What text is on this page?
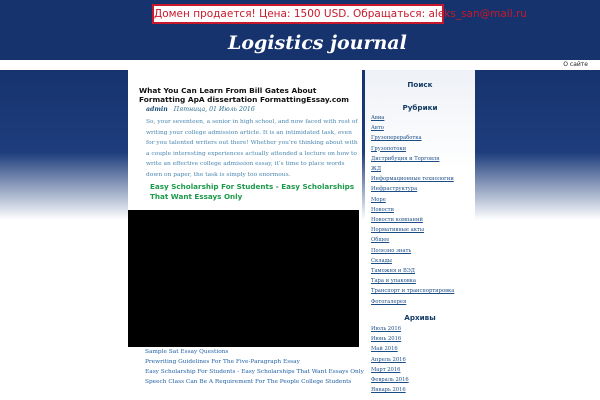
Домен продается! Цена: 1500 USD. Обращаться: aleks_san@mail.ru
Logistics journal
О сайте
What You Can Learn From Bill Gates About Formatting ApA dissertation FormattingEssay.com
admin Пятница, 01 Июль 2016

So, your seventeen, a senior in high school, and now faced with rest of writing your college admission article. It is an intimidated task, even for you talented writers out there! Whether you’re thinking about with a couple interesting experiences actually attended a lecture on how to write an effective college admission essay, it’s time to place words down on paper, the task is simply too enormous.

Easy Scholarship For Students - Easy Scholarships That Want Essays Only
Sample Sat Essay Questions
Prewriting Guidelines For The Five-Paragraph Essay
Easy Scholarship For Students - Easy Scholarships That Want Essays Only
Speech Class Can Be A Requirement For The People College Students
Поиск
Рубрики
Авиа
Авто
Грузопереработка
Грузопотоки
Дистрибуция и Торговля
ЖД
Информационные технологии
Инфраструктура
Море
Новости
Новости компаний
Нормативные акты
Общее
Полезно знать
Склады
Таможня и ВЭД
Тара и упаковка
Транспорт и транспортировка
Фотогалерея
Архивы
Июль 2016
Июнь 2016
Май 2016
Апрель 2016
Март 2016
Февраль 2016
Январь 2016
